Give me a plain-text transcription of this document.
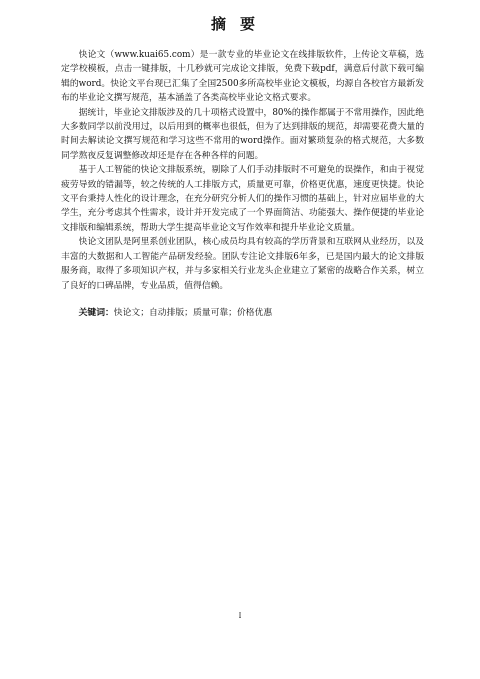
摘要

快论文（www.kuai65.com）是一款专业的毕业论文在线排版软件，上传论文草稿，选定学校模板，点击一键排版，十几秒就可完成论文排版，免费下载pdf，满意后付款下载可编辑的word。快论文平台现已汇集了全国2500多所高校毕业论文模板，均源自各校官方最新发布的毕业论文撰写规范，基本涵盖了各类高校毕业论文格式要求。

据统计，毕业论文排版涉及的几十项格式设置中，80%的操作都属于不常用操作，因此绝大多数同学以前没用过，以后用到的概率也很低，但为了达到排版的规范，却需要花费大量的时间去解读论文撰写规范和学习这些不常用的word操作。面对繁琐复杂的格式规范，大多数同学熬夜反复调整修改却还是存在各种各样的问题。

基于人工智能的快论文排版系统，剔除了人们手动排版时不可避免的误操作，和由于视觉疲劳导致的错漏等，较之传统的人工排版方式，质量更可靠，价格更优惠，速度更快捷。快论文平台秉持人性化的设计理念，在充分研究分析人们的操作习惯的基础上，针对应届毕业的大学生，充分考虑其个性需求，设计并开发完成了一个界面简洁、功能强大、操作便捷的毕业论文排版和编辑系统，帮助大学生提高毕业论文写作效率和提升毕业论文质量。

快论文团队是阿里系创业团队，核心成员均具有较高的学历背景和互联网从业经历，以及丰富的大数据和人工智能产品研发经验。团队专注论文排版6年多，已是国内最大的论文排版服务商，取得了多项知识产权，并与多家相关行业龙头企业建立了紧密的战略合作关系，树立了良好的口碑品牌，专业品质，值得信赖。

关键词：快论文；自动排版；质量可靠；价格优惠

I
